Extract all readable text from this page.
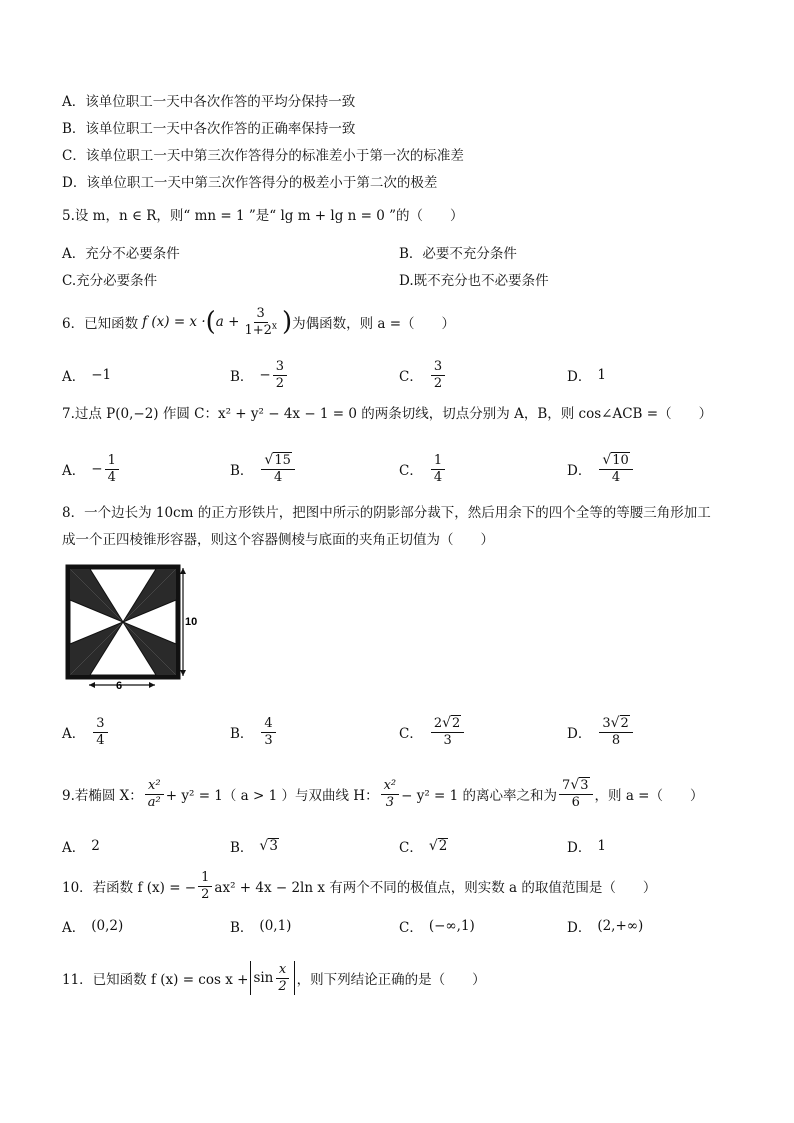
A．该单位职工一天中各次作答的平均分保持一致
B．该单位职工一天中各次作答的正确率保持一致
C．该单位职工一天中第三次作答得分的标准差小于第一次的标准差
D．该单位职工一天中第三次作答得分的极差小于第二次的极差
5.设 m，n ∈ R，则“ mn = 1 ”是“ lg m + lg n = 0 ”的（　　）
A．充分不必要条件	B．必要不充分条件
C.充分必要条件	D.既不充分也不必要条件
6．已知函数 f (x) = x · ( $a + \frac{3}{1+2^x}$ ) 为偶函数，则 a =（　　）
A． −1	B． − $\frac{3}{2}$	C． $\frac{3}{2}$	D． 1
7.过点 P(0,−2) 作圆 C：x² + y² − 4x − 1 = 0 的两条切线，切点分别为 A，B，则 cos∠ACB =（　　）
A． − $\frac{1}{4}$	B． $\frac{√ 15}{4}$	C． $\frac{1}{4}$	D． $\frac{√ 10}{4}$
8．一个边长为 10cm 的正方形铁片，把图中所示的阴影部分裁下，然后用余下的四个全等的等腰三角形加工
成一个正四棱锥形容器，则这个容器侧棱与底面的夹角正切值为（　　）
10
6
A． $\frac{3}{4}$	B． $\frac{4}{3}$	C． $\frac{2 √ 2}{3}$	D． $\frac{3 √ 2}{8}$
9.若椭圆 X： $\frac{\text{x²}}{\text{a²}} + y^2 = 1$（ a > 1 ）与双曲线 H： $\frac{\text{x²}}{3} - y^2 = 1$ 的离心率之和为 $\frac{7 √ 3}{6}$ ，则 a =（　　）
A． 2	B． √ 3	C． √ 2	D． 1
10．若函数 f (x) = − $\frac{1}{2} ax^2 + 4x - 2\ln$ x 有两个不同的极值点，则实数 a 的取值范围是（　　）
A． (0,2)	B． (0,1)	C． (−∞,1)	D． (2,+∞)
11．已知函数 f $(x) = \cos x + \sin \frac{x}{2}$ ，则下列结论正确的是（　　）
